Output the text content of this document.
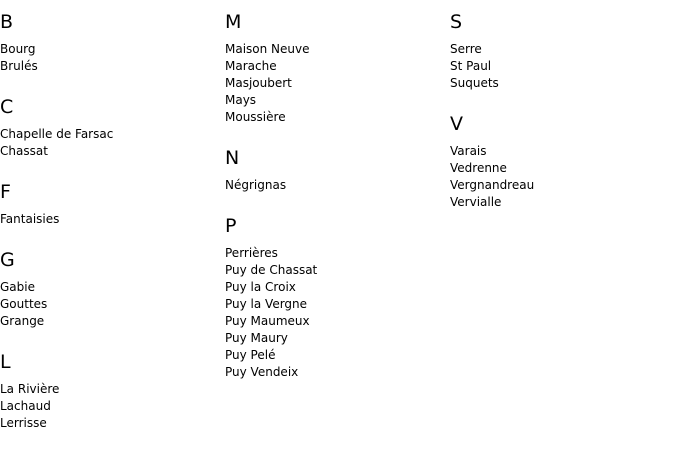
B
Bourg
Brulés
C
Chapelle de Farsac
Chassat
F
Fantaisies
G
Gabie
Gouttes
Grange
L
La Rivière
Lachaud
Lerrisse
M
Maison Neuve
Marache
Masjoubert
Mays
Moussière
N
Négrignas
P
Perrières
Puy de Chassat
Puy la Croix
Puy la Vergne
Puy Maumeux
Puy Maury
Puy Pelé
Puy Vendeix
S
Serre
St Paul
Suquets
V
Varais
Vedrenne
Vergnandreau
Vervialle
